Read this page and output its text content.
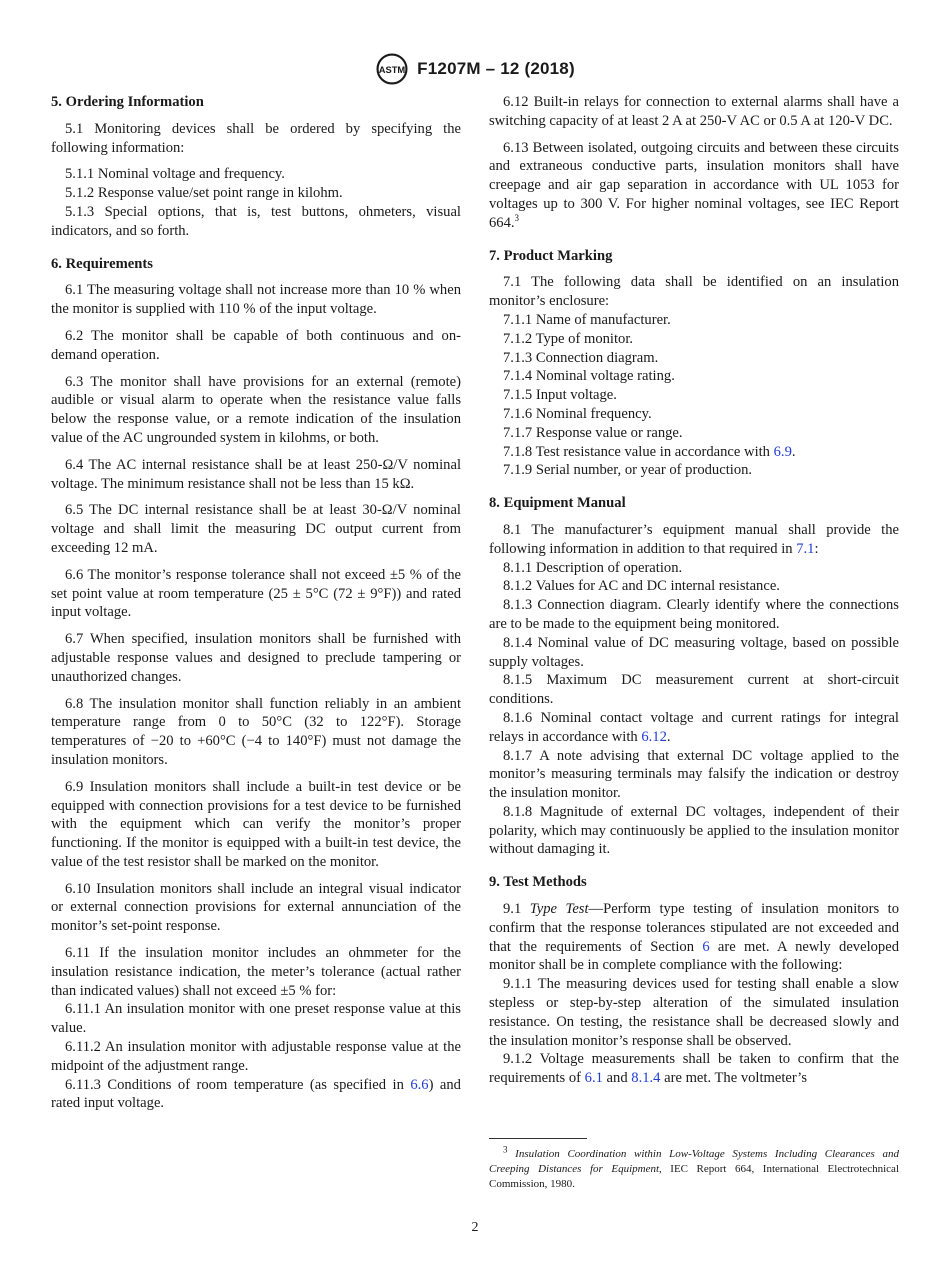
ASTM F1207M – 12 (2018)
5. Ordering Information
5.1 Monitoring devices shall be ordered by specifying the following information:
5.1.1 Nominal voltage and frequency.
5.1.2 Response value/set point range in kilohm.
5.1.3 Special options, that is, test buttons, ohmeters, visual indicators, and so forth.
6. Requirements
6.1 The measuring voltage shall not increase more than 10 % when the monitor is supplied with 110 % of the input voltage.
6.2 The monitor shall be capable of both continuous and on-demand operation.
6.3 The monitor shall have provisions for an external (remote) audible or visual alarm to operate when the resistance value falls below the response value, or a remote indication of the insulation value of the AC ungrounded system in kilohms, or both.
6.4 The AC internal resistance shall be at least 250-Ω/V nominal voltage. The minimum resistance shall not be less than 15 kΩ.
6.5 The DC internal resistance shall be at least 30-Ω/V nominal voltage and shall limit the measuring DC output current from exceeding 12 mA.
6.6 The monitor’s response tolerance shall not exceed ±5 % of the set point value at room temperature (25 ± 5°C (72 ± 9°F)) and rated input voltage.
6.7 When specified, insulation monitors shall be furnished with adjustable response values and designed to preclude tampering or unauthorized changes.
6.8 The insulation monitor shall function reliably in an ambient temperature range from 0 to 50°C (32 to 122°F). Storage temperatures of −20 to +60°C (−4 to 140°F) must not damage the insulation monitors.
6.9 Insulation monitors shall include a built-in test device or be equipped with connection provisions for a test device to be furnished with the equipment which can verify the monitor’s proper functioning. If the monitor is equipped with a built-in test device, the value of the test resistor shall be marked on the monitor.
6.10 Insulation monitors shall include an integral visual indicator or external connection provisions for external annunciation of the monitor’s set-point response.
6.11 If the insulation monitor includes an ohmmeter for the insulation resistance indication, the meter’s tolerance (actual rather than indicated values) shall not exceed ±5 % for:
6.11.1 An insulation monitor with one preset response value at this value.
6.11.2 An insulation monitor with adjustable response value at the midpoint of the adjustment range.
6.11.3 Conditions of room temperature (as specified in 6.6) and rated input voltage.
6.12 Built-in relays for connection to external alarms shall have a switching capacity of at least 2 A at 250-V AC or 0.5 A at 120-V DC.
6.13 Between isolated, outgoing circuits and between these circuits and extraneous conductive parts, insulation monitors shall have creepage and air gap separation in accordance with UL 1053 for voltages up to 300 V. For higher nominal voltages, see IEC Report 664.$^3$
7. Product Marking
7.1 The following data shall be identified on an insulation monitor’s enclosure:
7.1.1 Name of manufacturer.
7.1.2 Type of monitor.
7.1.3 Connection diagram.
7.1.4 Nominal voltage rating.
7.1.5 Input voltage.
7.1.6 Nominal frequency.
7.1.7 Response value or range.
7.1.8 Test resistance value in accordance with 6.9.
7.1.9 Serial number, or year of production.
8. Equipment Manual
8.1 The manufacturer’s equipment manual shall provide the following information in addition to that required in 7.1:
8.1.1 Description of operation.
8.1.2 Values for AC and DC internal resistance.
8.1.3 Connection diagram. Clearly identify where the connections are to be made to the equipment being monitored.
8.1.4 Nominal value of DC measuring voltage, based on possible supply voltages.
8.1.5 Maximum DC measurement current at short-circuit conditions.
8.1.6 Nominal contact voltage and current ratings for integral relays in accordance with 6.12.
8.1.7 A note advising that external DC voltage applied to the monitor’s measuring terminals may falsify the indication or destroy the insulation monitor.
8.1.8 Magnitude of external DC voltages, independent of their polarity, which may continuously be applied to the insulation monitor without damaging it.
9. Test Methods
9.1 Type Test—Perform type testing of insulation monitors to confirm that the response tolerances stipulated are not exceeded and that the requirements of Section 6 are met. A newly developed monitor shall be in complete compliance with the following:
9.1.1 The measuring devices used for testing shall enable a slow stepless or step-by-step alteration of the simulated insulation resistance. On testing, the resistance shall be decreased slowly and the insulation monitor’s response shall be observed.
9.1.2 Voltage measurements shall be taken to confirm that the requirements of 6.1 and 8.1.4 are met. The voltmeter’s
$^3$ Insulation Coordination within Low-Voltage Systems Including Clearances and Creeping Distances for Equipment, IEC Report 664, International Electrotechnical Commission, 1980.
2
